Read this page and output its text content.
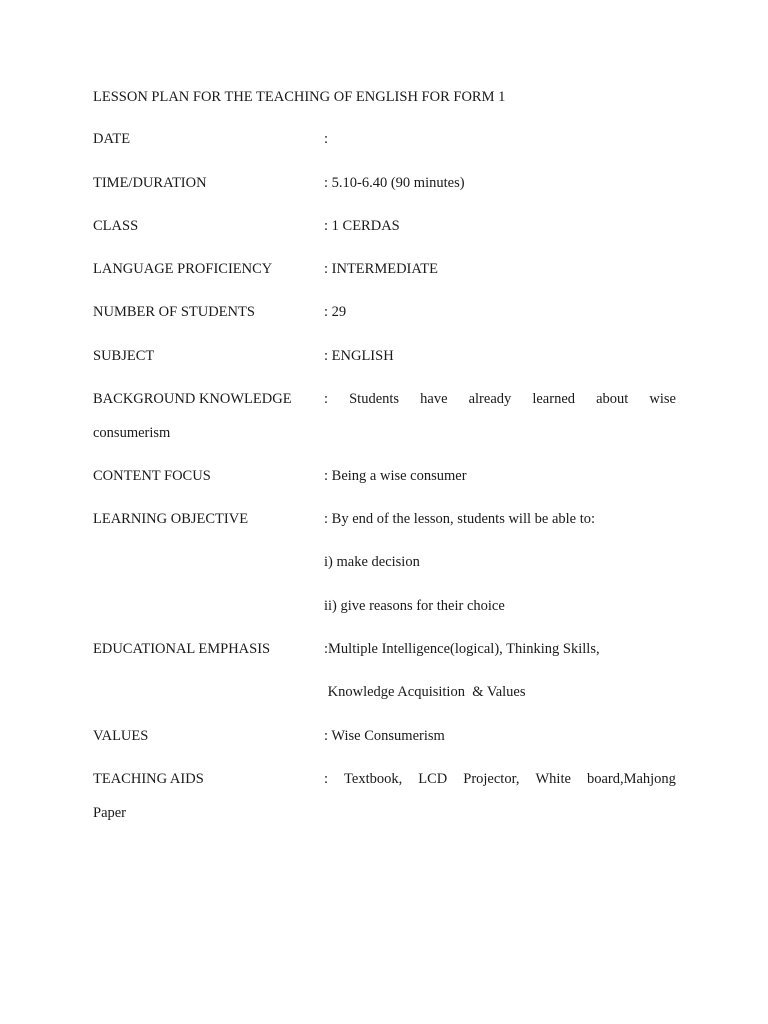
LESSON PLAN FOR THE TEACHING OF ENGLISH FOR FORM 1
DATE	:
TIME/DURATION	: 5.10-6.40 (90 minutes)
CLASS	: 1 CERDAS
LANGUAGE PROFICIENCY	: INTERMEDIATE
NUMBER OF STUDENTS	: 29
SUBJECT	: ENGLISH
BACKGROUND KNOWLEDGE : Students have already learned about wise
consumerism
CONTENT FOCUS	: Being a wise consumer
LEARNING OBJECTIVE	: By end of the lesson, students will be able to:
i) make decision
ii) give reasons for their choice
EDUCATIONAL EMPHASIS	:Multiple Intelligence(logical), Thinking Skills,
Knowledge Acquisition  & Values
VALUES	: Wise Consumerism
TEACHING AIDS	: Textbook, LCD Projector, White board,Mahjong
Paper
